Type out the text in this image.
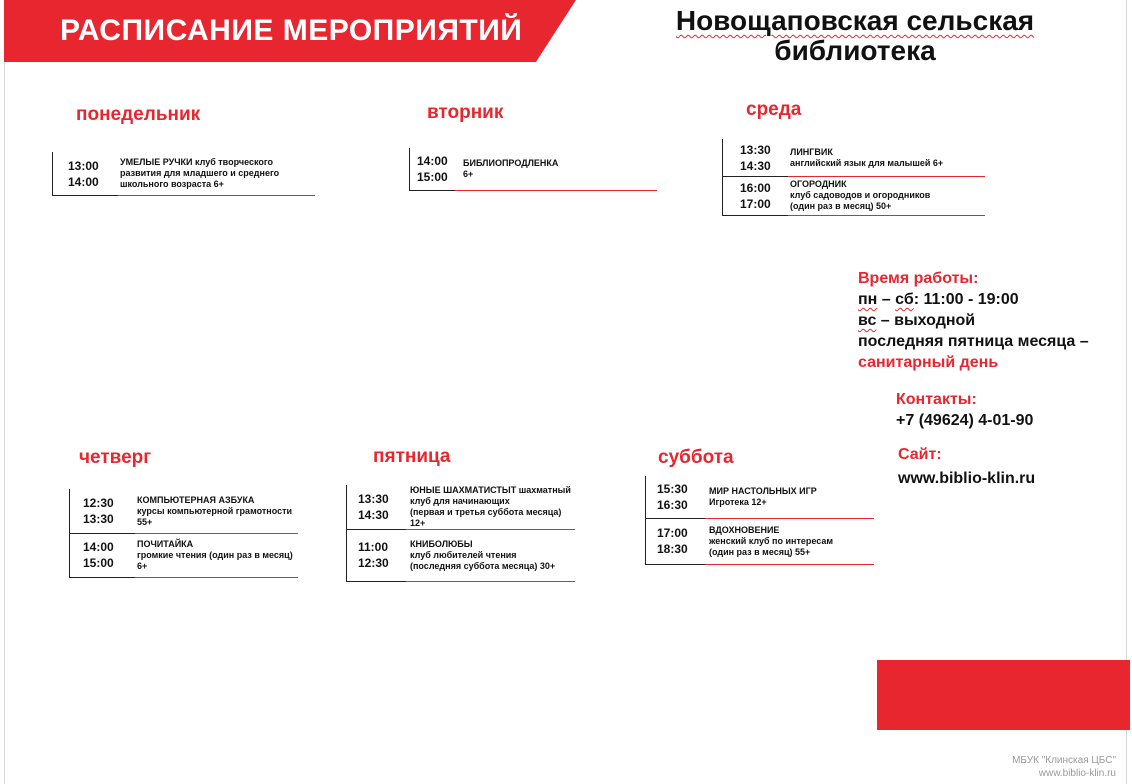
РАСПИСАНИЕ МЕРОПРИЯТИЙ	Новощаповская сельская
библиотека
понедельник
13:00
14:00
УМЕЛЫЕ РУЧКИ клуб творческого
развития для младшего и среднего
школьного возраста 6+
вторник
14:00
15:00
БИБЛИОПРОДЛЕНКА
6+
среда
13:30
14:30
ЛИНГВИК
английский язык для малышей 6+
16:00
17:00
ОГОРОДНИК
клуб садоводов и огородников
(один раз в месяц) 50+
четверг
12:30
13:30
КОМПЬЮТЕРНАЯ АЗБУКА
курсы компьютерной грамотности
55+
14:00
15:00
ПОЧИТАЙКА
громкие чтения (один раз в месяц) 6+
пятница
13:30
14:30
ЮНЫЕ ШАХМАТИСТЫТ шахматный
клуб для начинающих
(первая и третья суббота месяца) 12+
11:00
12:30
КНИБОЛЮБЫ
клуб любителей чтения
(последняя суббота месяца) 30+
суббота
15:30
16:30
МИР НАСТОЛЬНЫХ ИГР
Игротека 12+
17:00
18:30
ВДОХНОВЕНИЕ
женский клуб по интересам
(один раз в месяц) 55+
Время работы:
пн – сб: 11:00 - 19:00
вс – выходной
последняя пятница месяца –
санитарный день
Контакты:
+7 (49624) 4-01-90
Сайт:
www.biblio-klin.ru
МБУК "Клинская ЦБС"
www.biblio-klin.ru
